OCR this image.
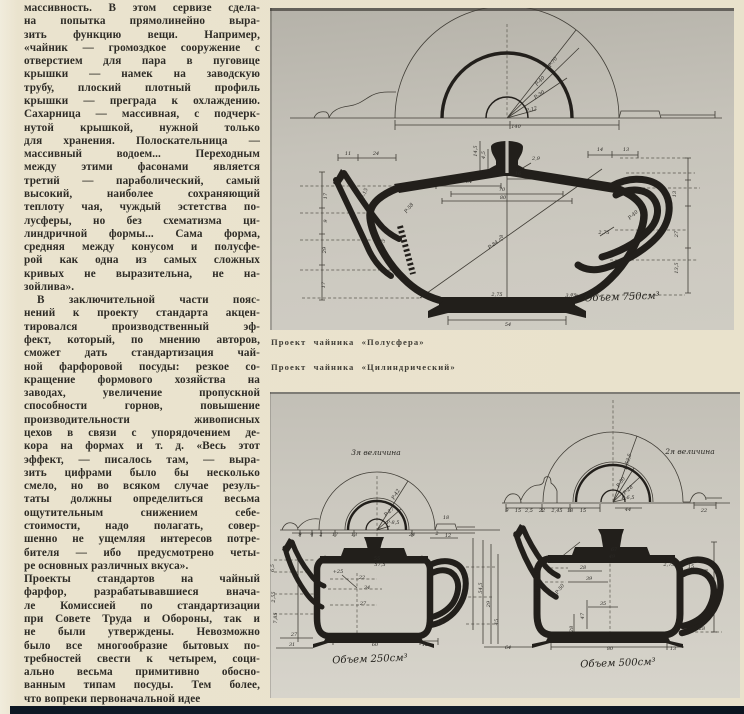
массивность. В этом сервизе сдела-
на попытка прямолинейно выра-
зить функцию вещи. Например,
«чайник — громоздкое сооружение с
отверстием для пара в пуговице
крышки — намек на заводскую
трубу, плоский плотный профиль
крышки — преграда к охлаждению.
Сахарница — массивная, с подчерк-
нутой крышкой, нужной только
для хранения. Полоскательница —
массивный водоем... Переходным
между этими фасонами является
третий — параболический, самый
высокий, наиболее сохраняющий
теплоту чая, чуждый эстетства по-
лусферы, но без схематизма ци-
линдричной формы... Сама форма,
средняя между конусом и полусфе-
рой как одна из самых сложных
кривых не выразительна, не на-
зойлива».
В заключительной части пояс-
нений к проекту стандарта акцен-
тировался производственный эф-
фект, который, по мнению авторов,
сможет дать стандартизация чай-
ной фарфоровой посуды: резкое со-
кращение формового хозяйства на
заводах, увеличение пропускной
способности горнов, повышение
производительности живописных
цехов в связи с упорядочением де-
кора на формах и т. д. «Весь этот
эффект, — писалось там, — выра-
зить цифрами было бы несколько
смело, но во всяком случае резуль-
таты должны определиться весьма
ощутительным снижением себе-
стоимости, надо полагать, совер-
шенно не ущемляя интересов потре-
бителя — ибо предусмотрено четы-
ре основных различных вкуса».
Проекты стандартов на чайный
фарфор, разрабатывавшиеся внача-
ле Комиссией по стандартизации
при Совете Труда и Обороны, так и
не были утверждены. Невозможно
было все многообразие бытовых по-
требностей свести к четырем, соци-
ально весьма примитивно обосно-
ванным типам посуды. Тем более,
что вопреки первоначальной идее
Р-70
Р-40
Р-30
Р-12
140
14,5 4,5
2,9
11	24
14	13
16
34
70
80
78
Р-84
Р-15
Р-58
2,75
Р-40
2,75
13
27
13,5
17
9
29
17
2,75	3,75
54
Объем 750см³
Проект чайника «Полусфера»
Проект чайника «Цилиндрический»
3я величина
Р-42
Р-27
Р-8,5
9 4 2 17	13	24
18
+25
22
34
27
55
57,5
2 12
18
60	12
27
31
6,5
2,55
7,85
Объем 250см³
2я величина
Р-52,5
Р-30
Р-28
Р-6,5
9 15 2,5 22 2,45 18 15	44	22
67
49
28
39
35
47
28
Р-50
2,75	15
28
64	80	13
54,5
29
45
Объем 500см³
